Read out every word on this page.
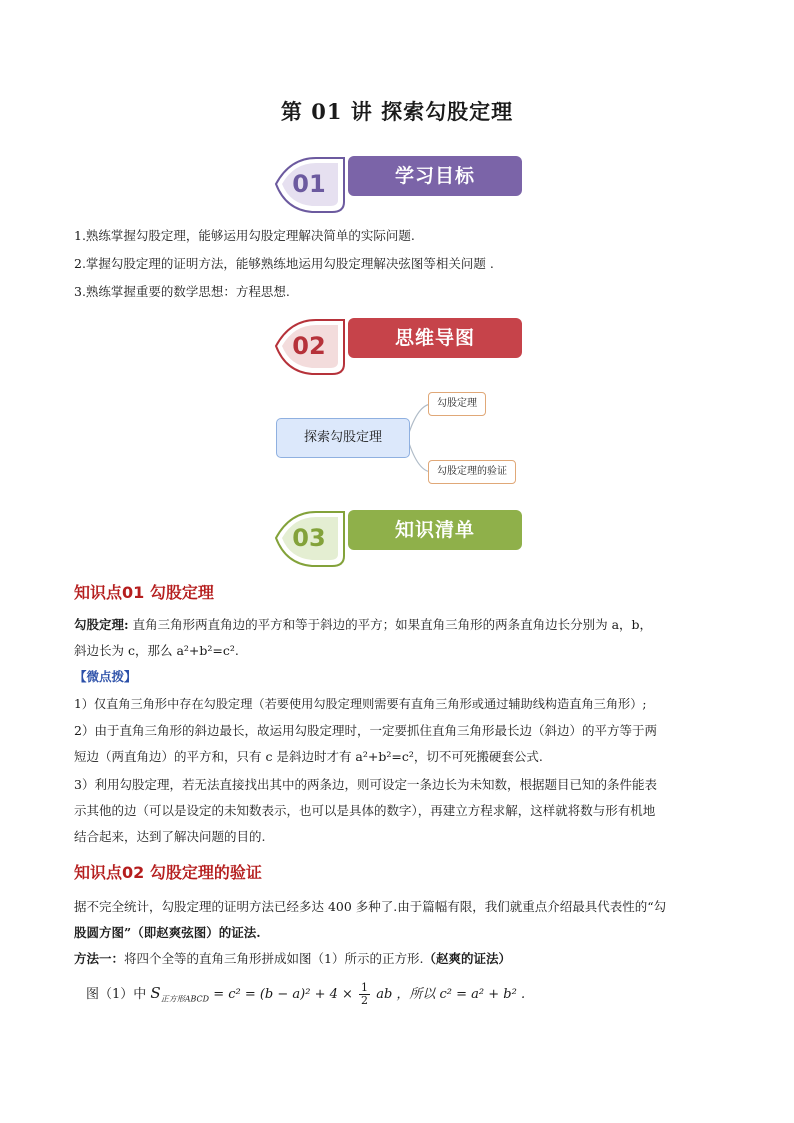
第 01 讲 探索勾股定理
01	学习目标
1.熟练掌握勾股定理，能够运用勾股定理解决简单的实际问题.
2.掌握勾股定理的证明方法，能够熟练地运用勾股定理解决弦图等相关问题 .
3.熟练掌握重要的数学思想：方程思想.
02	思维导图
探索勾股定理
勾股定理
勾股定理的验证
03	知识清单
知识点01 勾股定理
勾股定理: 直角三角形两直角边的平方和等于斜边的平方；如果直角三角形的两条直角边长分别为 a，b，
斜边长为 c，那么 a²+b²=c².
【微点拨】
1）仅直角三角形中存在勾股定理（若要使用勾股定理则需要有直角三角形或通过辅助线构造直角三角形）;
2）由于直角三角形的斜边最长，故运用勾股定理时，一定要抓住直角三角形最长边（斜边）的平方等于两
短边（两直角边）的平方和，只有 c 是斜边时才有 a²+b²=c²，切不可死搬硬套公式.
3）利用勾股定理，若无法直接找出其中的两条边，则可设定一条边长为未知数，根据题目已知的条件能表
示其他的边（可以是设定的未知数表示，也可以是具体的数字），再建立方程求解，这样就将数与形有机地
结合起来，达到了解决问题的目的.
知识点02 勾股定理的验证
据不完全统计，勾股定理的证明方法已经多达 400 多种了.由于篇幅有限，我们就重点介绍最具代表性的“勾
股圆方图”（即赵爽弦图）的证法.
方法一：将四个全等的直角三角形拼成如图（1）所示的正方形.（赵爽的证法）
图（1）中 $S_{正方形ABCD} = c^2 = (b - a)^2 + 4 \times \frac{1}{2}$ ab ，所以 c² = a² + b² .
